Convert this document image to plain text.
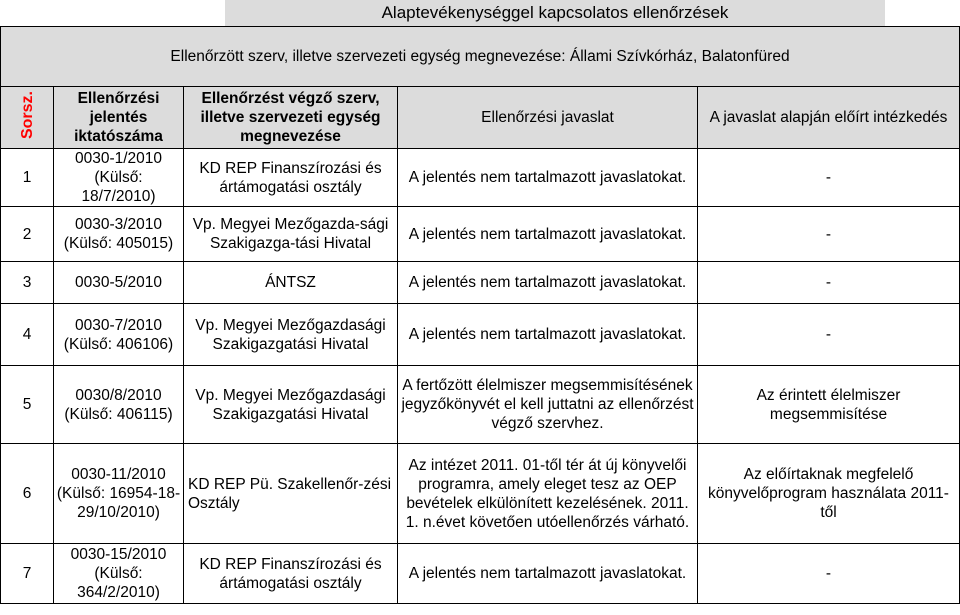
Alaptevékenységgel kapcsolatos ellenőrzések
Ellenőrzött szerv, illetve szervezeti egység megnevezése: Állami Szívkórház, Balatonfüred				
Sorsz.	Ellenőrzési jelentés iktatószáma	Ellenőrzést végző szerv, illetve szervezeti egység megnevezése	Ellenőrzési javaslat	A javaslat alapján előírt intézkedés
1	0030-1/2010 (Külső: 18/7/2010)	KD REP Finanszírozási és ártámogatási osztály	A jelentés nem tartalmazott javaslatokat.	-
2	0030-3/2010 (Külső: 405015)	Vp. Megyei Mezőgazda-sági Szakigazga-tási Hivatal	A jelentés nem tartalmazott javaslatokat.	-
3	0030-5/2010	ÁNTSZ	A jelentés nem tartalmazott javaslatokat.	-
4	0030-7/2010 (Külső: 406106)	Vp. Megyei Mezőgazdasági Szakigazgatási Hivatal	A jelentés nem tartalmazott javaslatokat.	-
5	0030/8/2010 (Külső: 406115)	Vp. Megyei Mezőgazdasági Szakigazgatási Hivatal	A fertőzött élelmiszer megsemmisítésének jegyzőkönyvét el kell juttatni az ellenőrzést végző szervhez.	Az érintett élelmiszer megsemmisítése
6	0030-11/2010 (Külső: 16954-18-29/10/2010)	KD REP Pü. Szakellenőr-zési Osztály	Az intézet 2011. 01-től tér át új könyvelői programra, amely eleget tesz az OEP bevételek elkülönített kezelésének. 2011. 1. n.évet követően utóellenőrzés várható.	Az előírtaknak megfelelő könyvelőprogram használata 2011-től
7	0030-15/2010 (Külső: 364/2/2010)	KD REP Finanszírozási és ártámogatási osztály	A jelentés nem tartalmazott javaslatokat.	-
